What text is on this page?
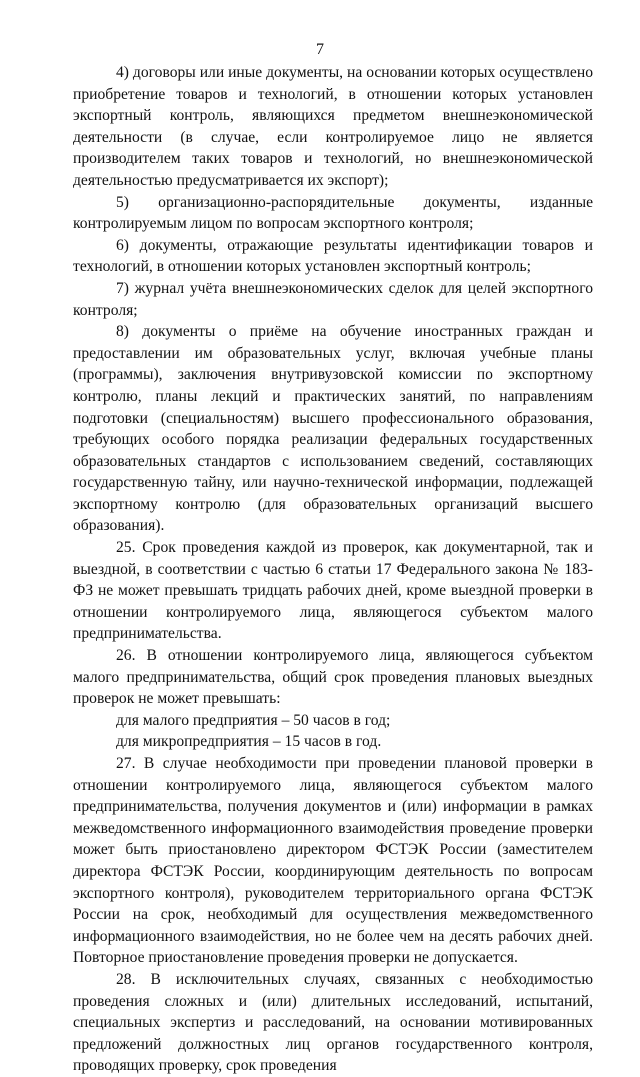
7

4) договоры или иные документы, на основании которых осуществлено приобретение товаров и технологий, в отношении которых установлен экспортный контроль, являющихся предметом внешнеэкономической деятельности (в случае, если контролируемое лицо не является производителем таких товаров и технологий, но внешнеэкономической деятельностью предусматривается их экспорт);

5) организационно-распорядительные документы, изданные контролируемым лицом по вопросам экспортного контроля;

6) документы, отражающие результаты идентификации товаров и технологий, в отношении которых установлен экспортный контроль;

7) журнал учёта внешнеэкономических сделок для целей экспортного контроля;

8) документы о приёме на обучение иностранных граждан и предоставлении им образовательных услуг, включая учебные планы (программы), заключения внутривузовской комиссии по экспортному контролю, планы лекций и практических занятий, по направлениям подготовки (специальностям) высшего профессионального образования, требующих особого порядка реализации федеральных государственных образовательных стандартов с использованием сведений, составляющих государственную тайну, или научно-технической информации, подлежащей экспортному контролю (для образовательных организаций высшего образования).

25. Срок проведения каждой из проверок, как документарной, так и выездной, в соответствии с частью 6 статьи 17 Федерального закона № 183-ФЗ не может превышать тридцать рабочих дней, кроме выездной проверки в отношении контролируемого лица, являющегося субъектом малого предпринимательства.

26. В отношении контролируемого лица, являющегося субъектом малого предпринимательства, общий срок проведения плановых выездных проверок не может превышать:

для малого предприятия – 50 часов в год;

для микропредприятия – 15 часов в год.

27. В случае необходимости при проведении плановой проверки в отношении контролируемого лица, являющегося субъектом малого предпринимательства, получения документов и (или) информации в рамках межведомственного информационного взаимодействия проведение проверки может быть приостановлено директором ФСТЭК России (заместителем директора ФСТЭК России, координирующим деятельность по вопросам экспортного контроля), руководителем территориального органа ФСТЭК России на срок, необходимый для осуществления межведомственного информационного взаимодействия, но не более чем на десять рабочих дней. Повторное приостановление проведения проверки не допускается.

28. В исключительных случаях, связанных с необходимостью проведения сложных и (или) длительных исследований, испытаний, специальных экспертиз и расследований, на основании мотивированных предложений должностных лиц органов государственного контроля, проводящих проверку, срок проведения
